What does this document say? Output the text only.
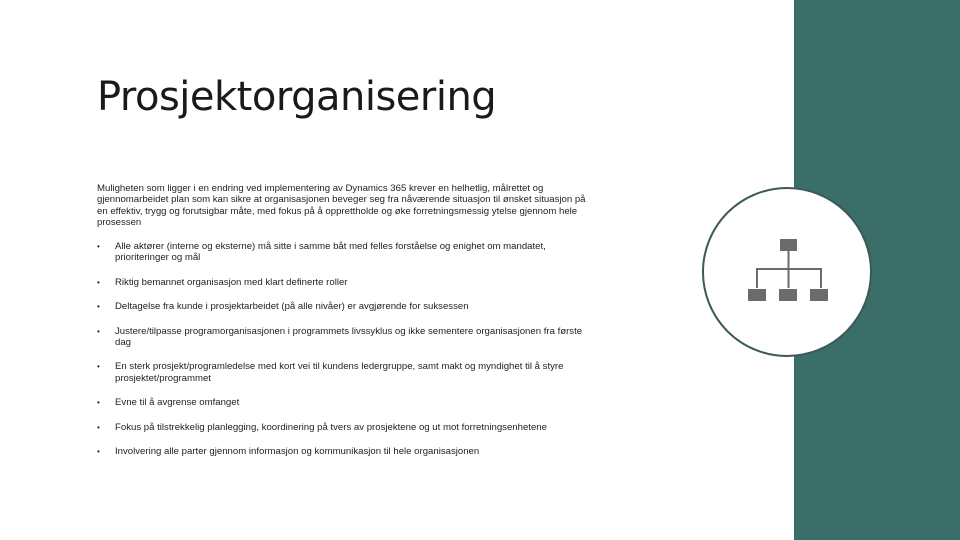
Prosjektorganisering
Muligheten som ligger i en endring ved implementering av Dynamics 365 krever en helhetlig, målrettet og gjennomarbeidet plan som kan sikre at organisasjonen beveger seg fra nåværende situasjon til ønsket situasjon på en effektiv, trygg og forutsigbar måte, med fokus på å opprettholde og øke forretningsmessig ytelse gjennom hele prosessen
• Alle aktører (interne og eksterne) må sitte i samme båt med felles forståelse og enighet om mandatet, prioriteringer og mål
• Riktig bemannet organisasjon med klart definerte roller
• Deltagelse fra kunde i prosjektarbeidet (på alle nivåer) er avgjørende for suksessen
• Justere/tilpasse programorganisasjonen i programmets livssyklus og ikke sementere organisasjonen fra første dag
• En sterk prosjekt/programledelse med kort vei til kundens ledergruppe, samt makt og myndighet til å styre prosjektet/programmet
• Evne til å avgrense omfanget
• Fokus på tilstrekkelig planlegging, koordinering på tvers av prosjektene og ut mot forretningsenhetene
• Involvering alle parter gjennom informasjon og kommunikasjon til hele organisasjonen
